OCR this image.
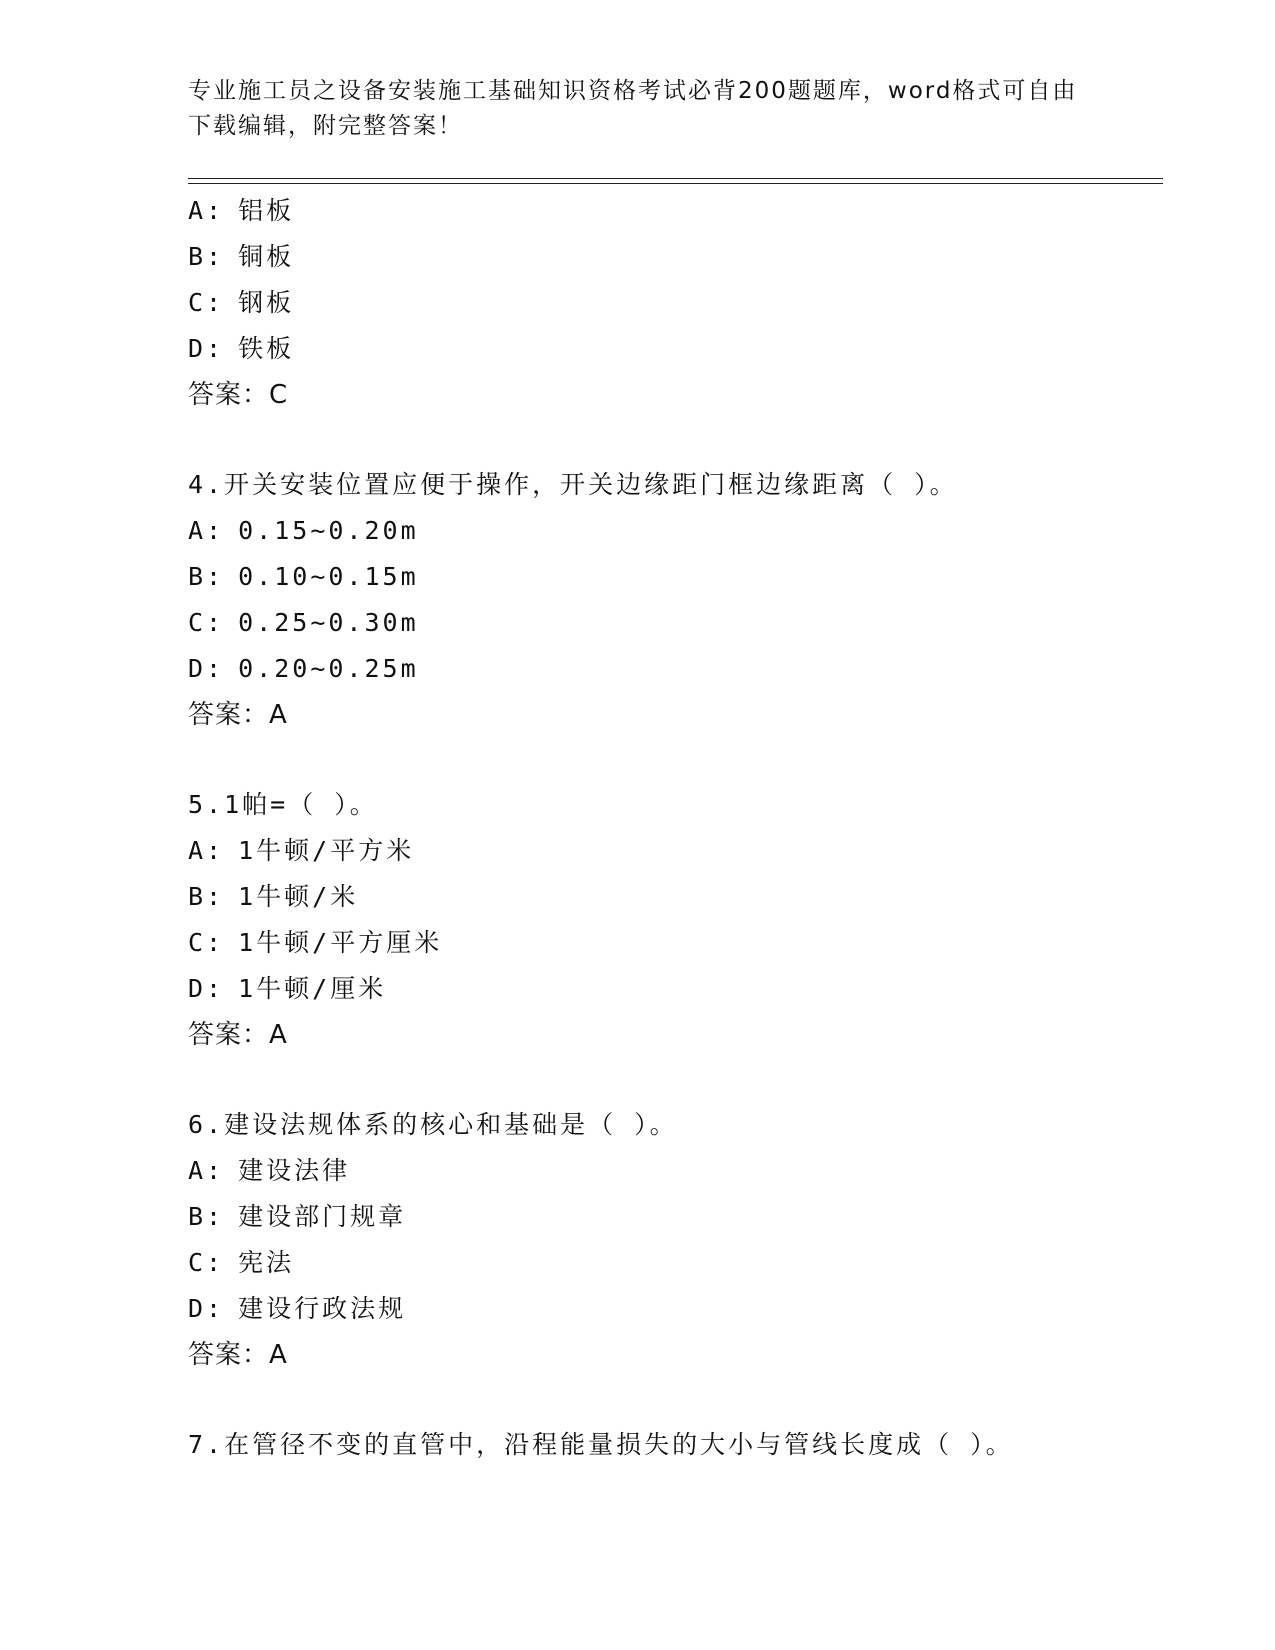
专业施工员之设备安装施工基础知识资格考试必背200题题库，word格式可自由
下载编辑，附完整答案！
A: 铝板
B: 铜板
C: 钢板
D: 铁板
答案：C
4.开关安装位置应便于操作，开关边缘距门框边缘距离（ ）。
A: 0.15~0.20m
B: 0.10~0.15m
C: 0.25~0.30m
D: 0.20~0.25m
答案：A
5.1帕=（ ）。
A: 1牛顿/平方米
B: 1牛顿/米
C: 1牛顿/平方厘米
D: 1牛顿/厘米
答案：A
6.建设法规体系的核心和基础是（ ）。
A: 建设法律
B: 建设部门规章
C: 宪法
D: 建设行政法规
答案：A
7.在管径不变的直管中，沿程能量损失的大小与管线长度成（ ）。
